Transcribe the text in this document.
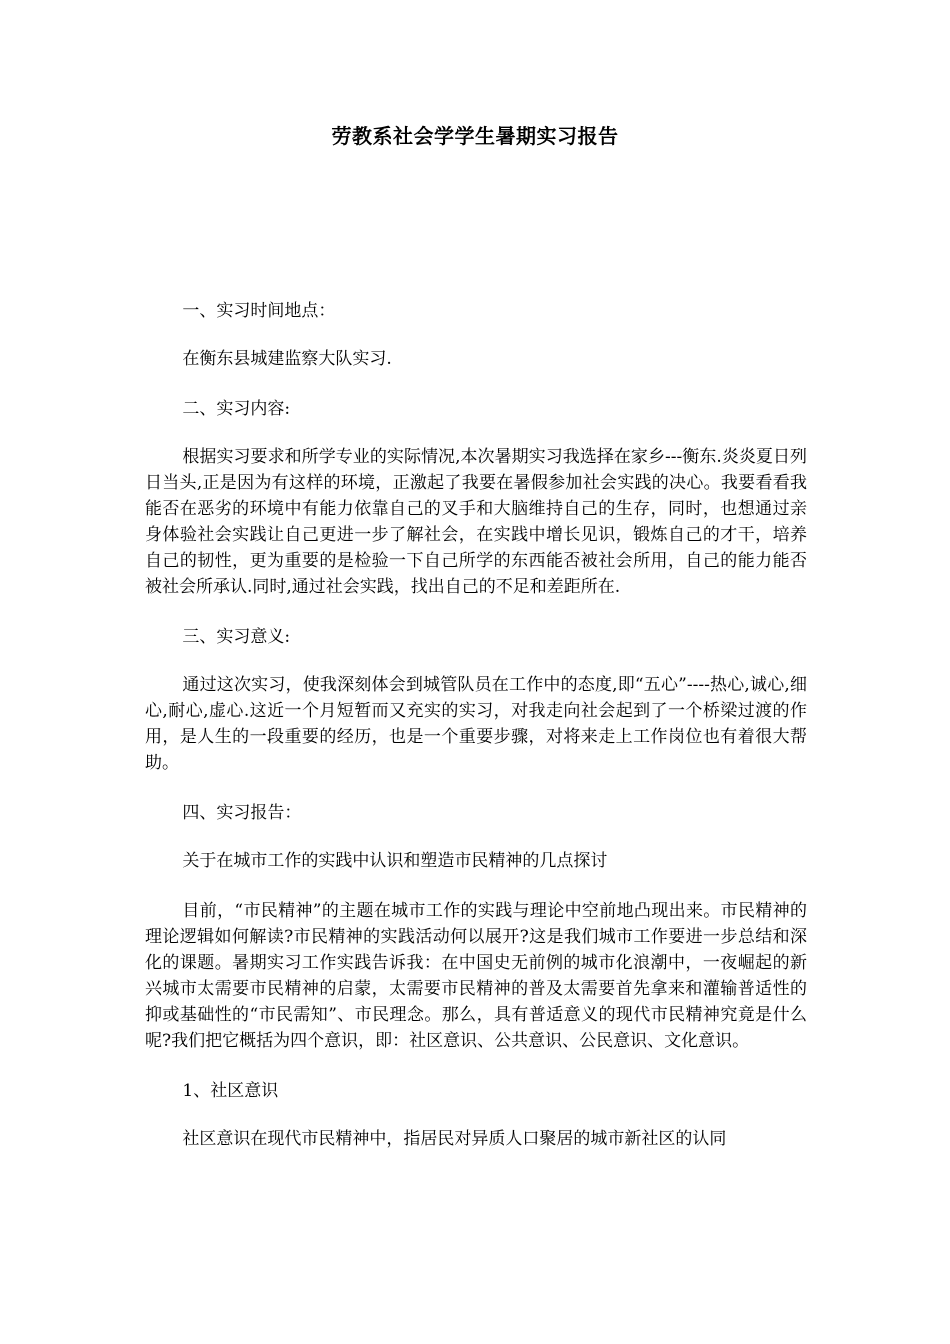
劳教系社会学学生暑期实习报告

一、实习时间地点：

在衡东县城建监察大队实习.

二、实习内容:

根据实习要求和所学专业的实际情况,本次暑期实习我选择在家乡---衡东.炎炎夏日列日当头,正是因为有这样的环境，正激起了我要在暑假参加社会实践的决心。我要看看我能否在恶劣的环境中有能力依靠自己的叉手和大脑维持自己的生存，同时，也想通过亲身体验社会实践让自己更进一步了解社会，在实践中增长见识，锻炼自己的才干，培养自己的韧性，更为重要的是检验一下自己所学的东西能否被社会所用，自己的能力能否被社会所承认.同时,通过社会实践，找出自己的不足和差距所在.

三、实习意义:

通过这次实习，使我深刻体会到城管队员在工作中的态度,即“五心”----热心,诚心,细心,耐心,虚心.这近一个月短暂而又充实的实习，对我走向社会起到了一个桥梁过渡的作用，是人生的一段重要的经历，也是一个重要步骤，对将来走上工作岗位也有着很大帮助。

四、实习报告：

关于在城市工作的实践中认识和塑造市民精神的几点探讨

目前，“市民精神”的主题在城市工作的实践与理论中空前地凸现出来。市民精神的理论逻辑如何解读?市民精神的实践活动何以展开?这是我们城市工作要进一步总结和深化的课题。暑期实习工作实践告诉我：在中国史无前例的城市化浪潮中，一夜崛起的新兴城市太需要市民精神的启蒙，太需要市民精神的普及太需要首先拿来和灌输普适性的抑或基础性的“市民需知”、市民理念。那么，具有普适意义的现代市民精神究竟是什么呢?我们把它概括为四个意识，即：社区意识、公共意识、公民意识、文化意识。

1、社区意识

社区意识在现代市民精神中，指居民对异质人口聚居的城市新社区的认同
